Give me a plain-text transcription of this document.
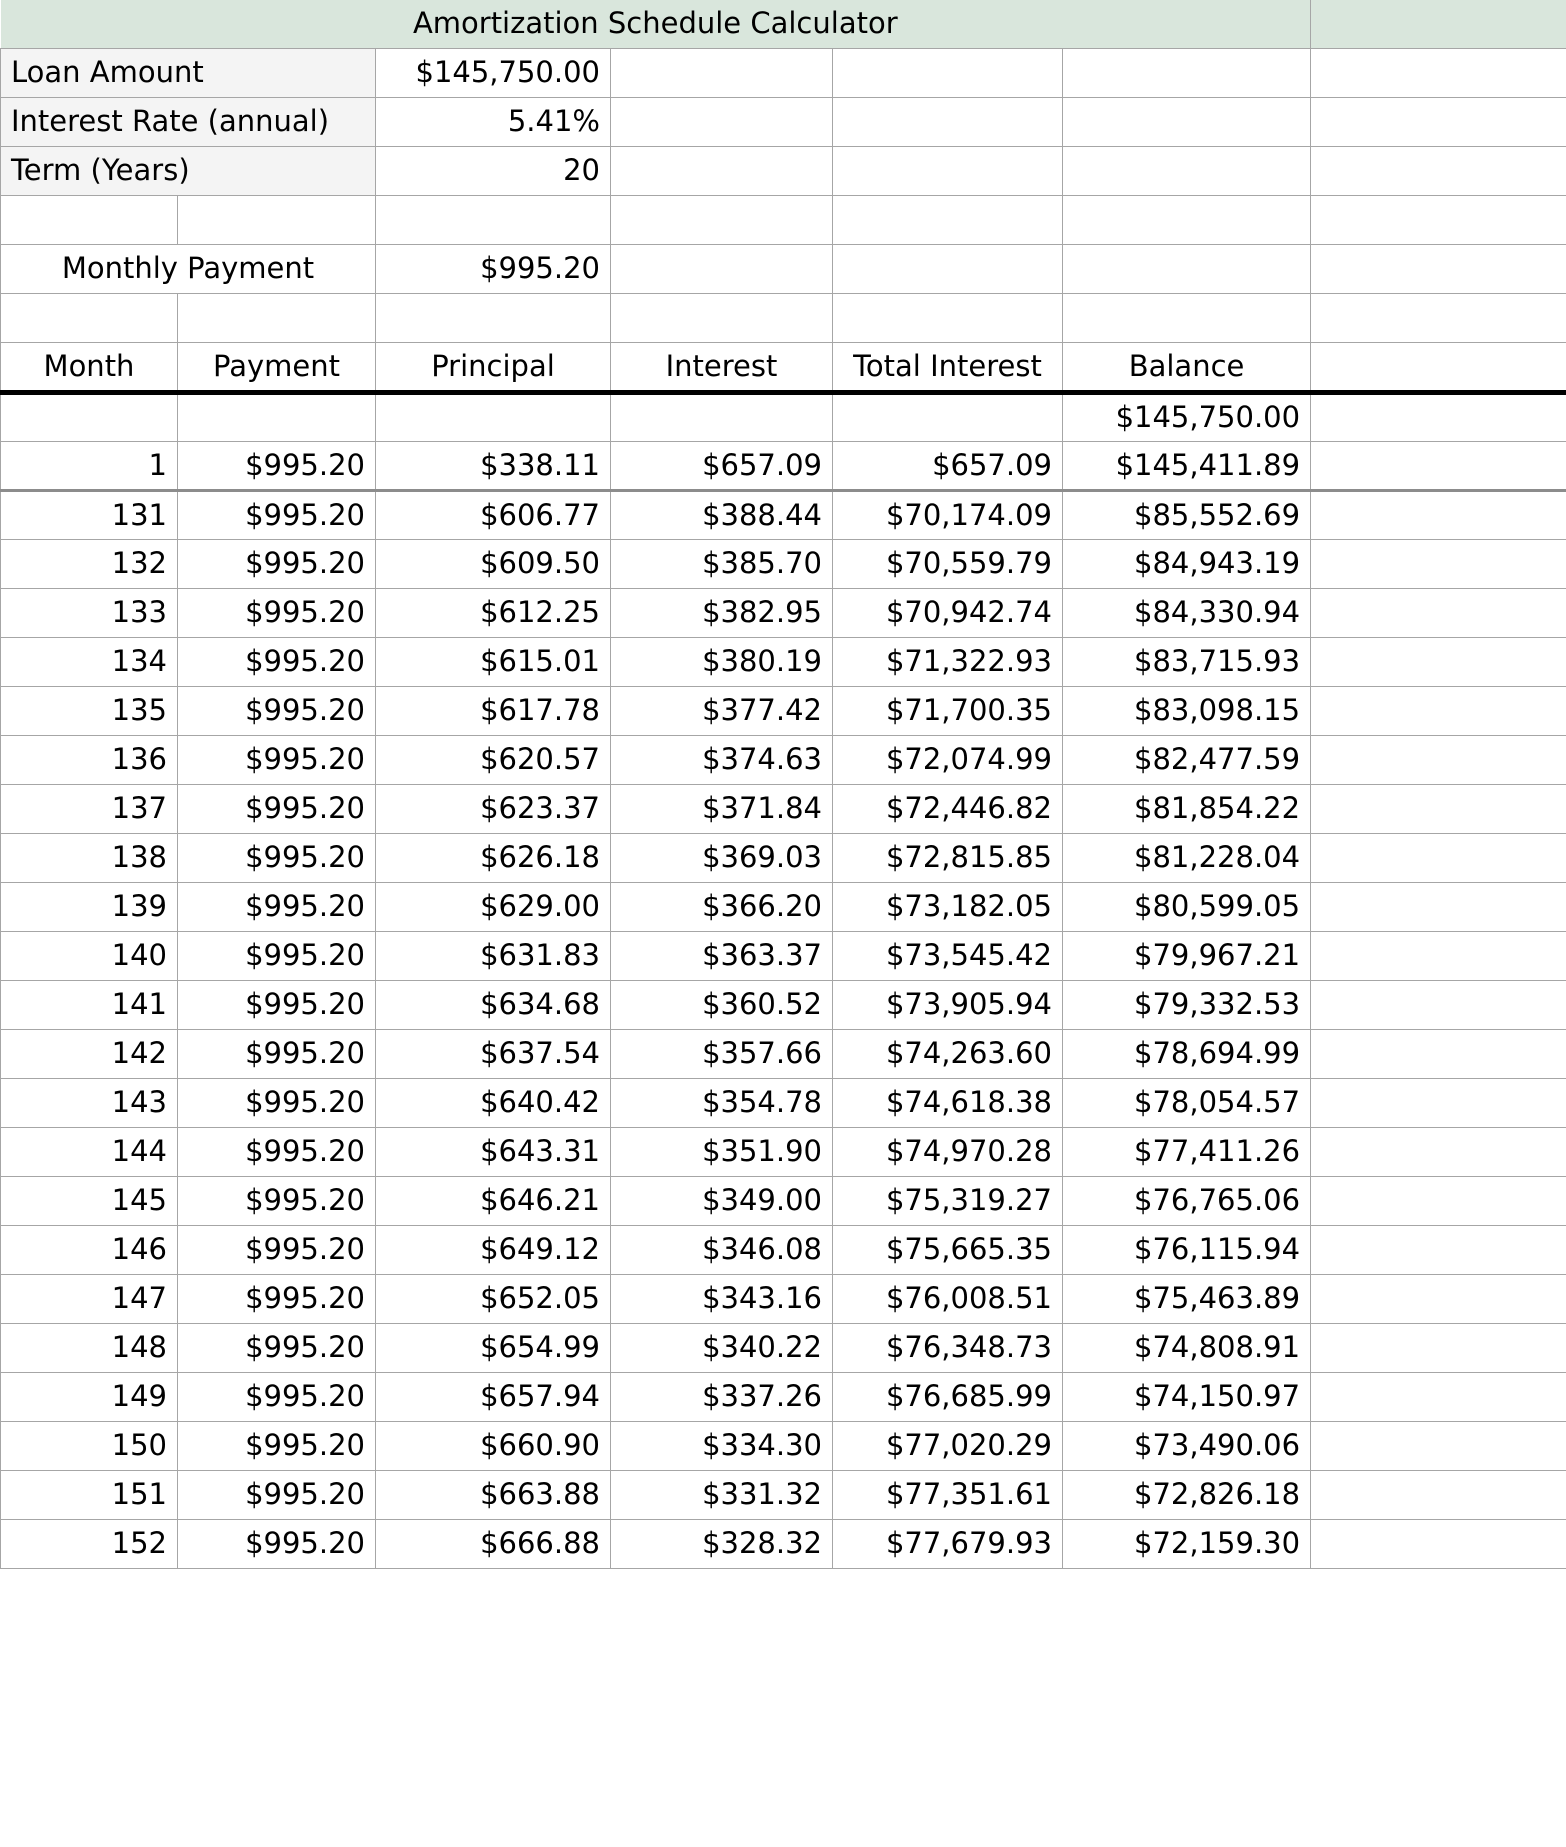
Amortization Schedule Calculator						
Loan Amount		$145,750.00				
Interest Rate (annual)		5.41%				
Term (Years)		20				

Monthly Payment		$995.20				

Month	Payment	Principal	Interest	Total Interest	Balance	
					$145,750.00	
1	$995.20	$338.11	$657.09	$657.09	$145,411.89	
131	$995.20	$606.77	$388.44	$70,174.09	$85,552.69	
132	$995.20	$609.50	$385.70	$70,559.79	$84,943.19	
133	$995.20	$612.25	$382.95	$70,942.74	$84,330.94	
134	$995.20	$615.01	$380.19	$71,322.93	$83,715.93	
135	$995.20	$617.78	$377.42	$71,700.35	$83,098.15	
136	$995.20	$620.57	$374.63	$72,074.99	$82,477.59	
137	$995.20	$623.37	$371.84	$72,446.82	$81,854.22	
138	$995.20	$626.18	$369.03	$72,815.85	$81,228.04	
139	$995.20	$629.00	$366.20	$73,182.05	$80,599.05	
140	$995.20	$631.83	$363.37	$73,545.42	$79,967.21	
141	$995.20	$634.68	$360.52	$73,905.94	$79,332.53	
142	$995.20	$637.54	$357.66	$74,263.60	$78,694.99	
143	$995.20	$640.42	$354.78	$74,618.38	$78,054.57	
144	$995.20	$643.31	$351.90	$74,970.28	$77,411.26	
145	$995.20	$646.21	$349.00	$75,319.27	$76,765.06	
146	$995.20	$649.12	$346.08	$75,665.35	$76,115.94	
147	$995.20	$652.05	$343.16	$76,008.51	$75,463.89	
148	$995.20	$654.99	$340.22	$76,348.73	$74,808.91	
149	$995.20	$657.94	$337.26	$76,685.99	$74,150.97	
150	$995.20	$660.90	$334.30	$77,020.29	$73,490.06	
151	$995.20	$663.88	$331.32	$77,351.61	$72,826.18	
152	$995.20	$666.88	$328.32	$77,679.93	$72,159.30	
